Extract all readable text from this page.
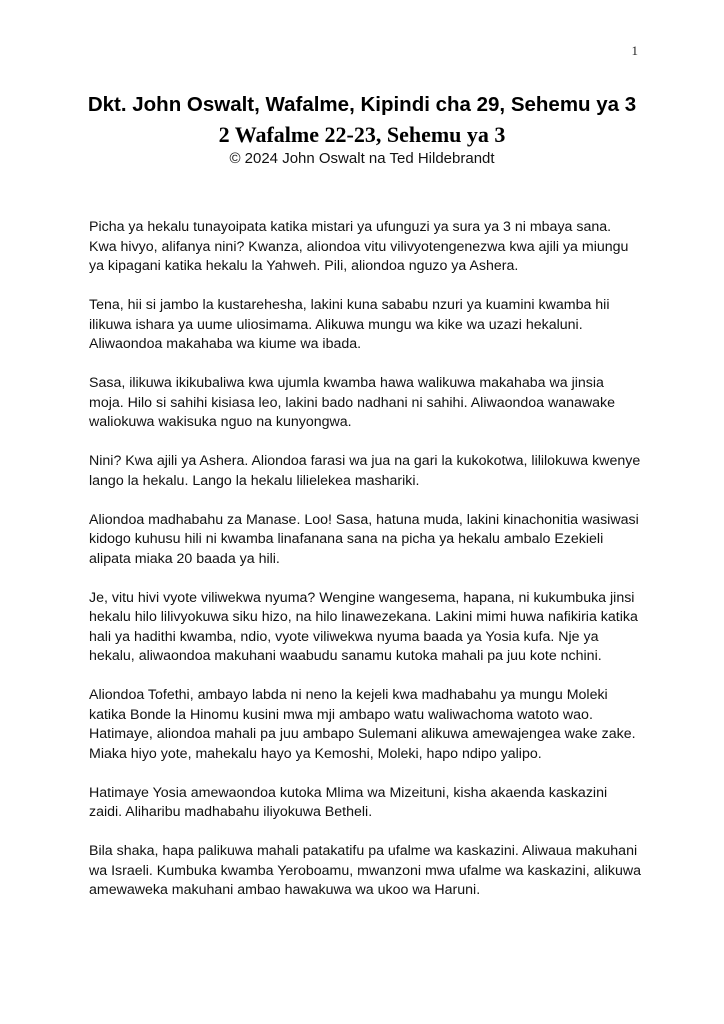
1
Dkt. John Oswalt, Wafalme, Kipindi cha 29, Sehemu ya 3
2 Wafalme 22-23, Sehemu ya 3
© 2024 John Oswalt na Ted Hildebrandt

Picha ya hekalu tunayoipata katika mistari ya ufunguzi ya sura ya 3 ni mbaya sana. Kwa hivyo, alifanya nini? Kwanza, aliondoa vitu vilivyotengenezwa kwa ajili ya miungu ya kipagani katika hekalu la Yahweh. Pili, aliondoa nguzo ya Ashera.

Tena, hii si jambo la kustarehesha, lakini kuna sababu nzuri ya kuamini kwamba hii ilikuwa ishara ya uume uliosimama. Alikuwa mungu wa kike wa uzazi hekaluni. Aliwaondoa makahaba wa kiume wa ibada.

Sasa, ilikuwa ikikubaliwa kwa ujumla kwamba hawa walikuwa makahaba wa jinsia moja. Hilo si sahihi kisiasa leo, lakini bado nadhani ni sahihi. Aliwaondoa wanawake waliokuwa wakisuka nguo na kunyongwa.

Nini? Kwa ajili ya Ashera. Aliondoa farasi wa jua na gari la kukokotwa, lililokuwa kwenye lango la hekalu. Lango la hekalu lilielekea mashariki.

Aliondoa madhabahu za Manase. Loo! Sasa, hatuna muda, lakini kinachonitia wasiwasi kidogo kuhusu hili ni kwamba linafanana sana na picha ya hekalu ambalo Ezekieli alipata miaka 20 baada ya hili.

Je, vitu hivi vyote viliwekwa nyuma? Wengine wangesema, hapana, ni kukumbuka jinsi hekalu hilo lilivyokuwa siku hizo, na hilo linawezekana. Lakini mimi huwa nafikiria katika hali ya hadithi kwamba, ndio, vyote viliwekwa nyuma baada ya Yosia kufa. Nje ya hekalu, aliwaondoa makuhani waabudu sanamu kutoka mahali pa juu kote nchini.

Aliondoa Tofethi, ambayo labda ni neno la kejeli kwa madhabahu ya mungu Moleki katika Bonde la Hinomu kusini mwa mji ambapo watu waliwachoma watoto wao. Hatimaye, aliondoa mahali pa juu ambapo Sulemani alikuwa amewajengea wake zake. Miaka hiyo yote, mahekalu hayo ya Kemoshi, Moleki, hapo ndipo yalipo.

Hatimaye Yosia amewaondoa kutoka Mlima wa Mizeituni, kisha akaenda kaskazini zaidi. Aliharibu madhabahu iliyokuwa Betheli.

Bila shaka, hapa palikuwa mahali patakatifu pa ufalme wa kaskazini. Aliwaua makuhani wa Israeli. Kumbuka kwamba Yeroboamu, mwanzoni mwa ufalme wa kaskazini, alikuwa amewaweka makuhani ambao hawakuwa wa ukoo wa Haruni.
